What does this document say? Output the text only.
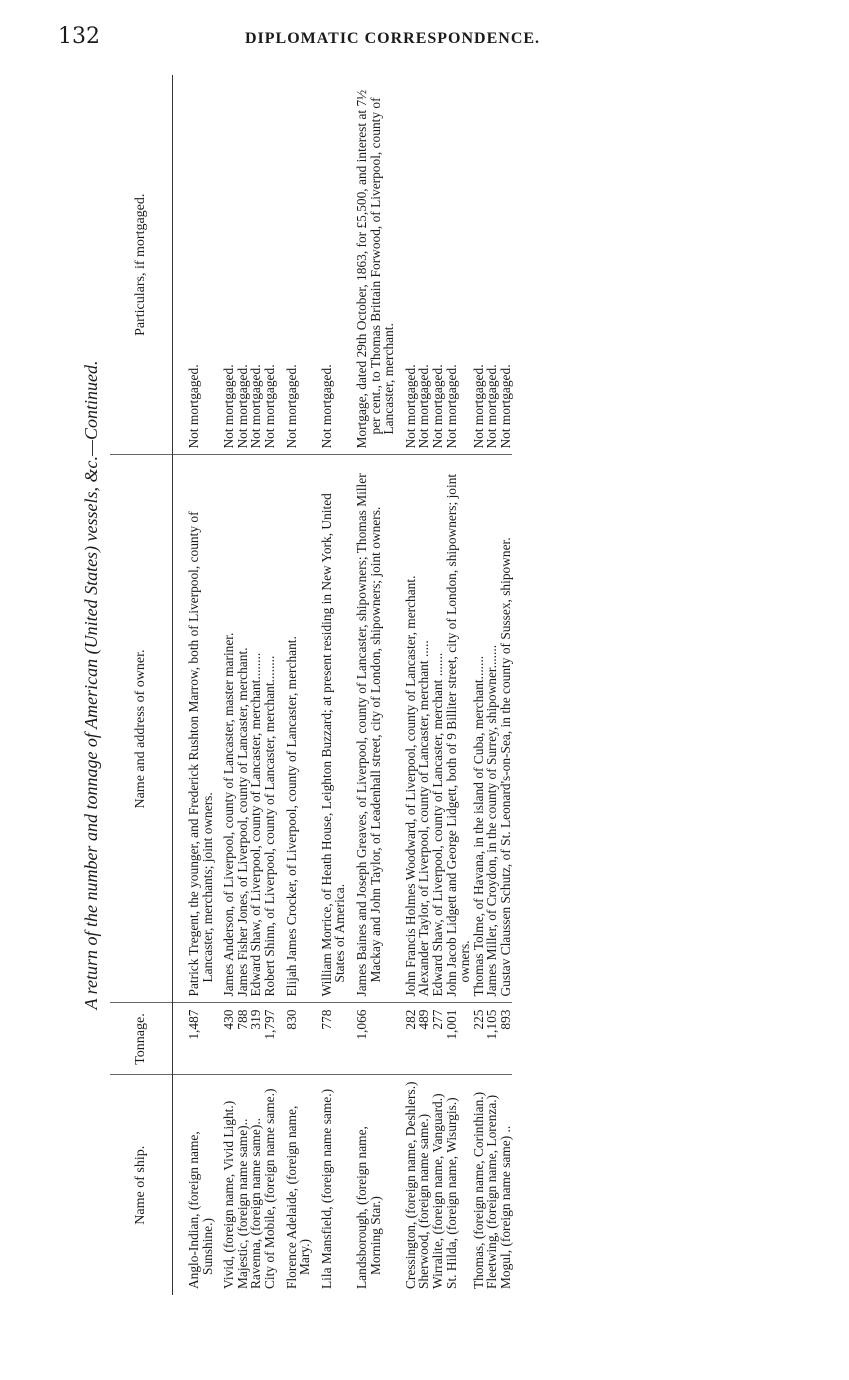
132	DIPLOMATIC CORRESPONDENCE.
A return of the number and tonnage of American (United States) vessels, &c.—Continued.
Name of ship.	Tonnage.	Name and address of owner.	Particulars, if mortgaged.

Anglo-Indian, (foreign name, Sunshine.)	1,487	Patrick Tregent, the younger, and Frederick Rushton Marrow, both of Liverpool, county of Lancaster, merchants; joint owners.	Not mortgaged.

Vivid, (foreign name, Vivid Light.)	430	James Anderson, of Liverpool, county of Lancaster, master mariner.	Not mortgaged.

Majestic, (foreign name same)..	788	James Fisher Jones, of Liverpool, county of Lancaster, merchant.	Not mortgaged.

Ravenna, (foreign name same)..	319	Edward Shaw, of Liverpool, county of Lancaster, merchant........	Not mortgaged.

City of Mobile, (foreign name same.)	1,797	Robert Shinn, of Liverpool, county of Lancaster, merchant........	Not mortgaged.

Florence Adelaide, (foreign name, Mary.)	830	Elijah James Crocker, of Liverpool, county of Lancaster, merchant.	Not mortgaged.

Lila Mansfield, (foreign name same.)	778	William Morrice, of Heath House, Leighton Buzzard; at present residing in New York, United States of America.	Not mortgaged.

Landsborough, (foreign name, Morning Star.)	1,066	James Baines and Joseph Greaves, of Liverpool, county of Lancaster, shipowners; Thomas Miller Mackay and John Taylor, of Leadenhall street, city of London, shipowners; joint owners.	Mortgage, dated 29th October, 1863, for £5,500, and interest at 7½ per cent., to Thomas Brittain Forwood, of Liverpool, county of Lancaster, merchant.

Cressington, (foreign name, Deshlers.)	282	John Francis Holmes Woodward, of Liverpool, county of Lancaster, merchant.	Not mortgaged.

Sherwood, (foreign name same.)	489	Alexander Taylor, of Liverpool, county of Lancaster, merchant .....	Not mortgaged.

Wirralite, (foreign name, Vanguard.)	277	Edward Shaw, of Liverpool, county of Lancaster, merchant .......	Not mortgaged.

St. Hilda, (foreign name, Wisurgis.)	1,001	John Jacob Lidgett and George Lidgett, both of 9 Billiter street, city of London, shipowners; joint owners.	Not mortgaged.

Thomas, (foreign name, Corinthian.)	225	Thomas Tolme, of Havana, in the island of Cuba, merchant.......	Not mortgaged.

Fleetwing, (foreign name, Lorenza.)	1,105	James Miller, of Croydon, in the county of Surrey, shipowner.......	Not mortgaged.

Mogul, (foreign name same) ..	893	Gustav Claussen Schutz, of St. Leonard's-on-Sea, in the county of Sussex, shipowner.	Not mortgaged.
